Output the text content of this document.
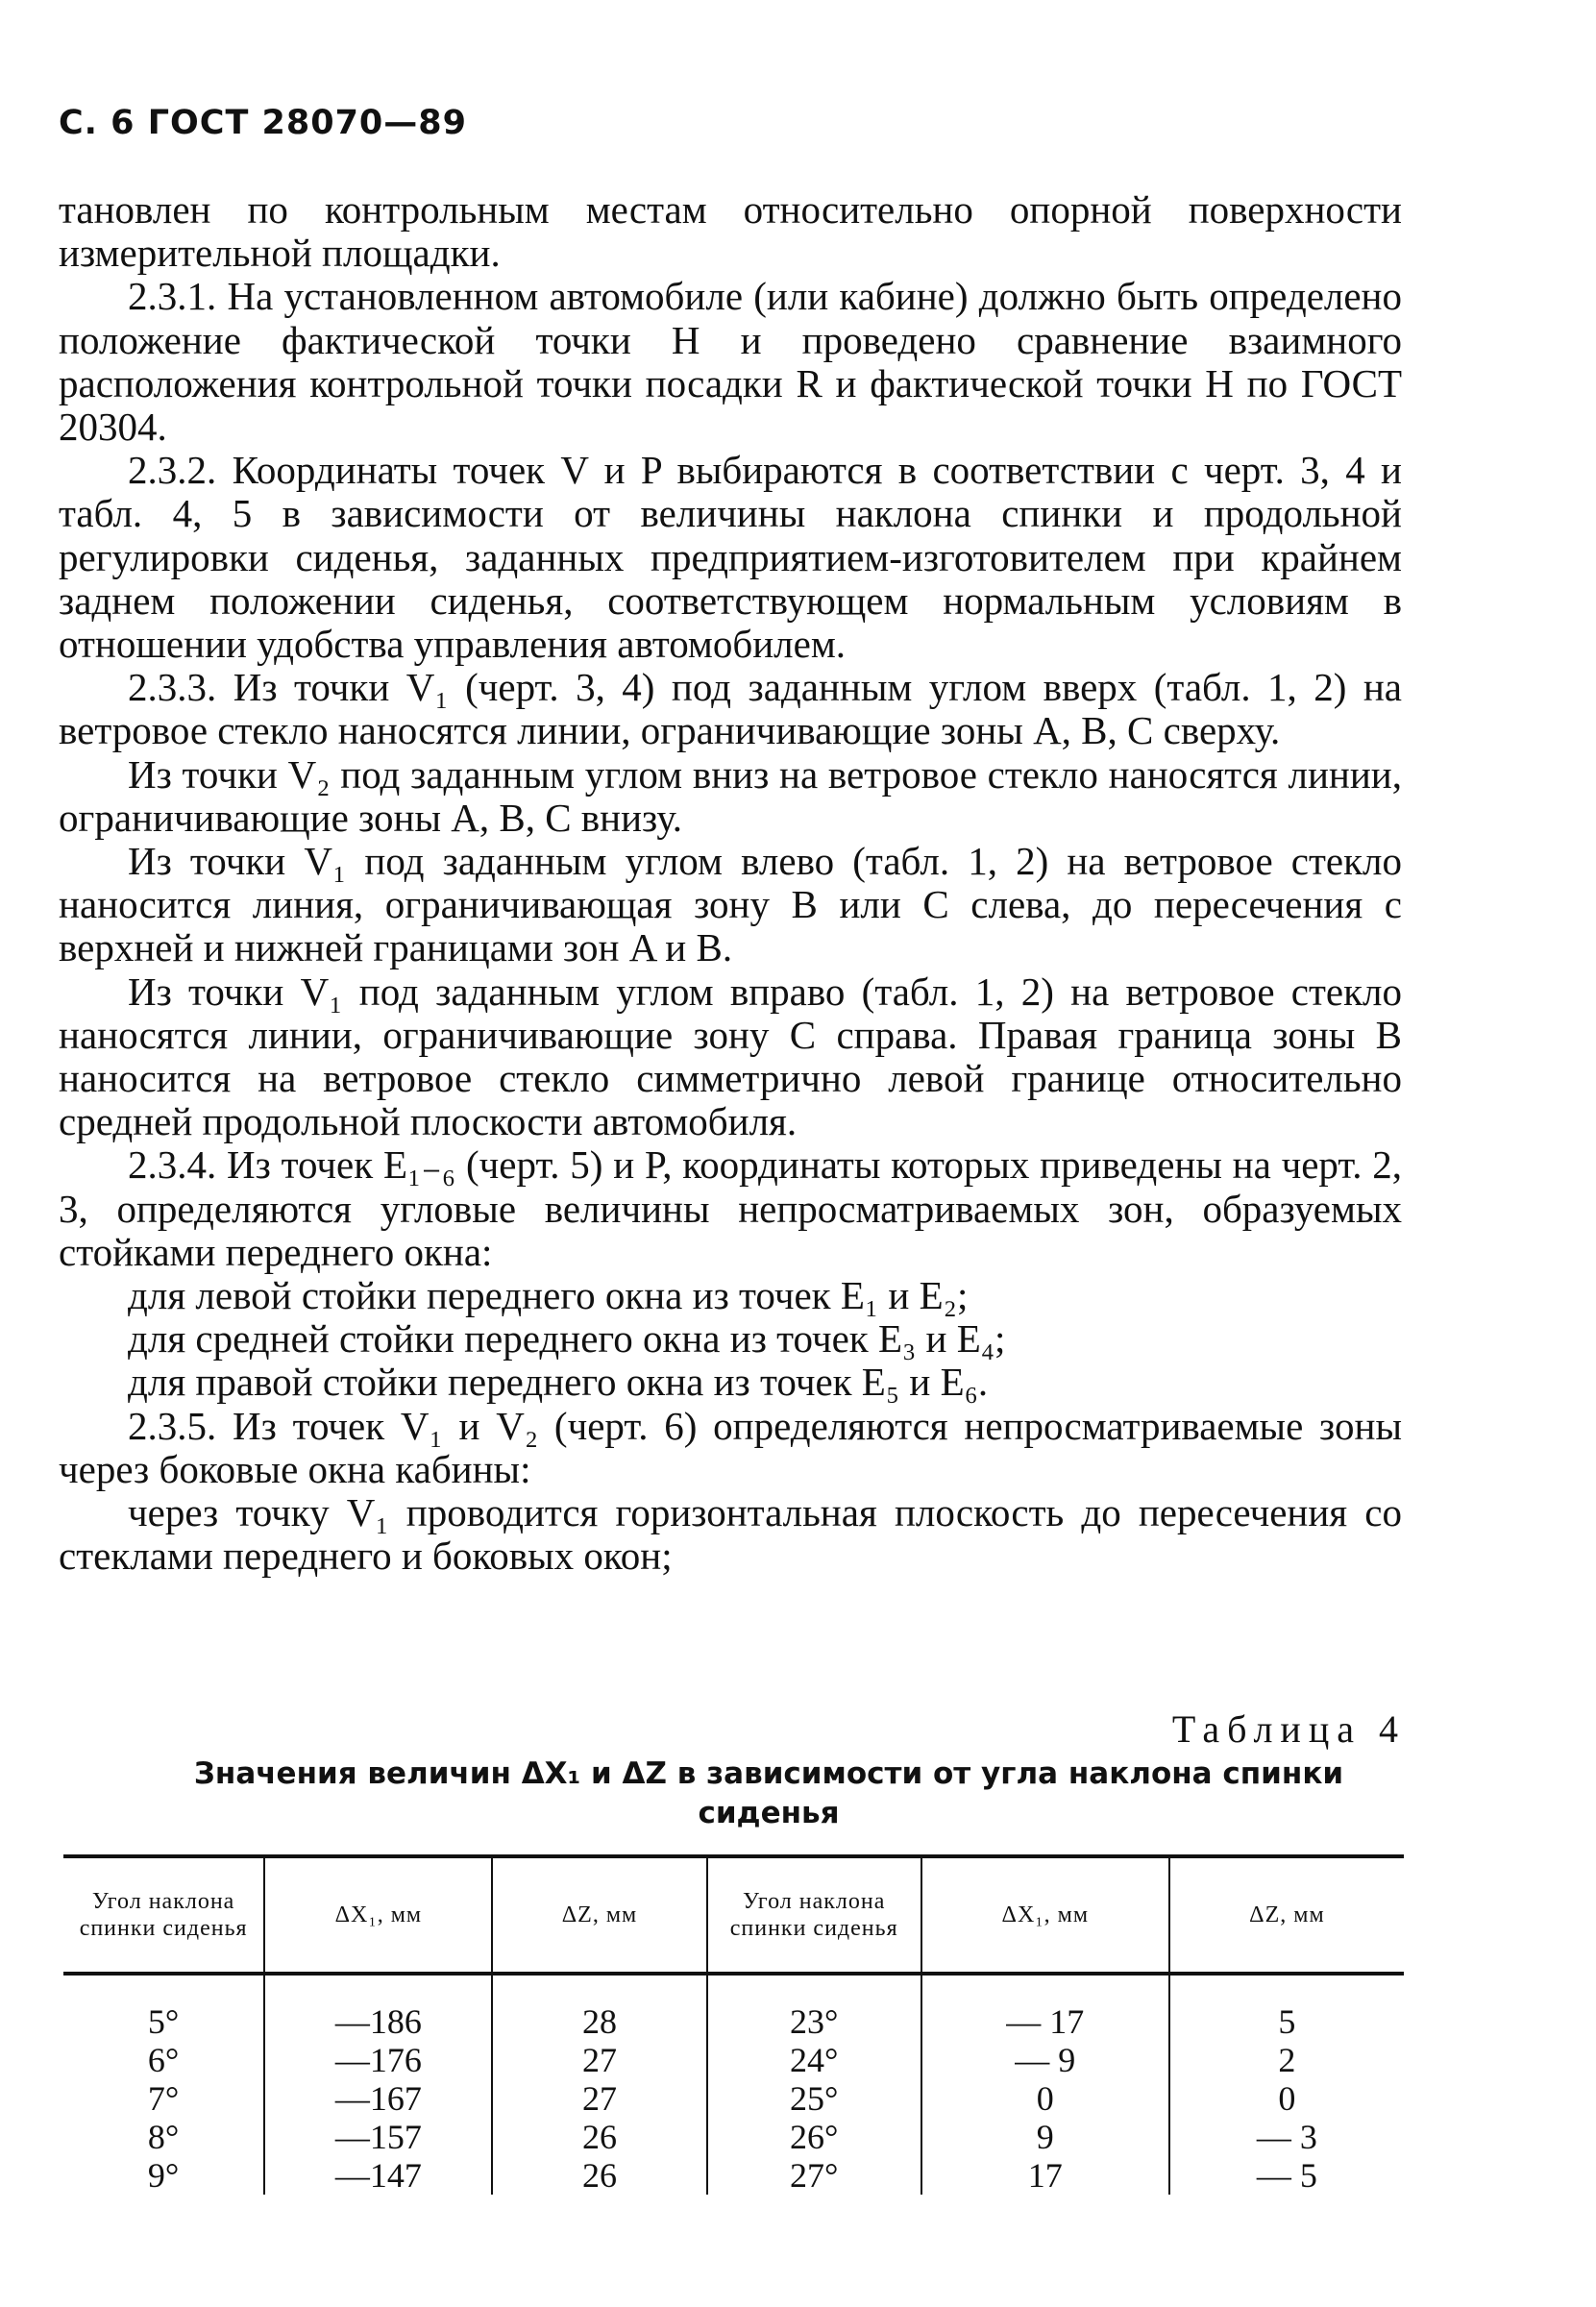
С. 6 ГОСТ 28070—89

тановлен по контрольным местам относительно опорной поверхности измерительной площадки.

2.3.1. На установленном автомобиле (или кабине) должно быть определено положение фактической точки H и проведено сравнение взаимного расположения контрольной точки посадки R и фактической точки H по ГОСТ 20304.

2.3.2. Координаты точек V и P выбираются в соответствии с черт. 3, 4 и табл. 4, 5 в зависимости от величины наклона спинки и продольной регулировки сиденья, заданных предприятием-изготовителем при крайнем заднем положении сиденья, соответствующем нормальным условиям в отношении удобства управления автомобилем.

2.3.3. Из точки V₁ (черт. 3, 4) под заданным углом вверх (табл. 1, 2) на ветровое стекло наносятся линии, ограничивающие зоны A, B, C сверху.

Из точки V₂ под заданным углом вниз на ветровое стекло наносятся линии, ограничивающие зоны A, B, C внизу.

Из точки V₁ под заданным углом влево (табл. 1, 2) на ветровое стекло наносится линия, ограничивающая зону B или C слева, до пересечения с верхней и нижней границами зон A и B.

Из точки V₁ под заданным углом вправо (табл. 1, 2) на ветровое стекло наносятся линии, ограничивающие зону C справа. Правая граница зоны B наносится на ветровое стекло симметрично левой границе относительно средней продольной плоскости автомобиля.

2.3.4. Из точек E₁₋₆ (черт. 5) и P, координаты которых приведены на черт. 2, 3, определяются угловые величины непросматриваемых зон, образуемых стойками переднего окна:

для левой стойки переднего окна из точек E₁ и E₂;

для средней стойки переднего окна из точек E₃ и E₄;

для правой стойки переднего окна из точек E₅ и E₆.

2.3.5. Из точек V₁ и V₂ (черт. 6) определяются непросматриваемые зоны через боковые окна кабины:

через точку V₁ проводится горизонтальная плоскость до пересечения со стеклами переднего и боковых окон;

Таблица 4
Значения величин ΔX₁ и ΔZ в зависимости от угла наклона спинки сиденья
Угол наклона спинки сиденья	ΔX₁, мм	ΔZ, мм	Угол наклона спинки сиденья	ΔX₁, мм	ΔZ, мм
5°	—186	28	23°	— 17	5
6°	—176	27	24°	— 9	2
7°	—167	27	25°	0	0
8°	—157	26	26°	9	— 3
9°	—147	26	27°	17	— 5
